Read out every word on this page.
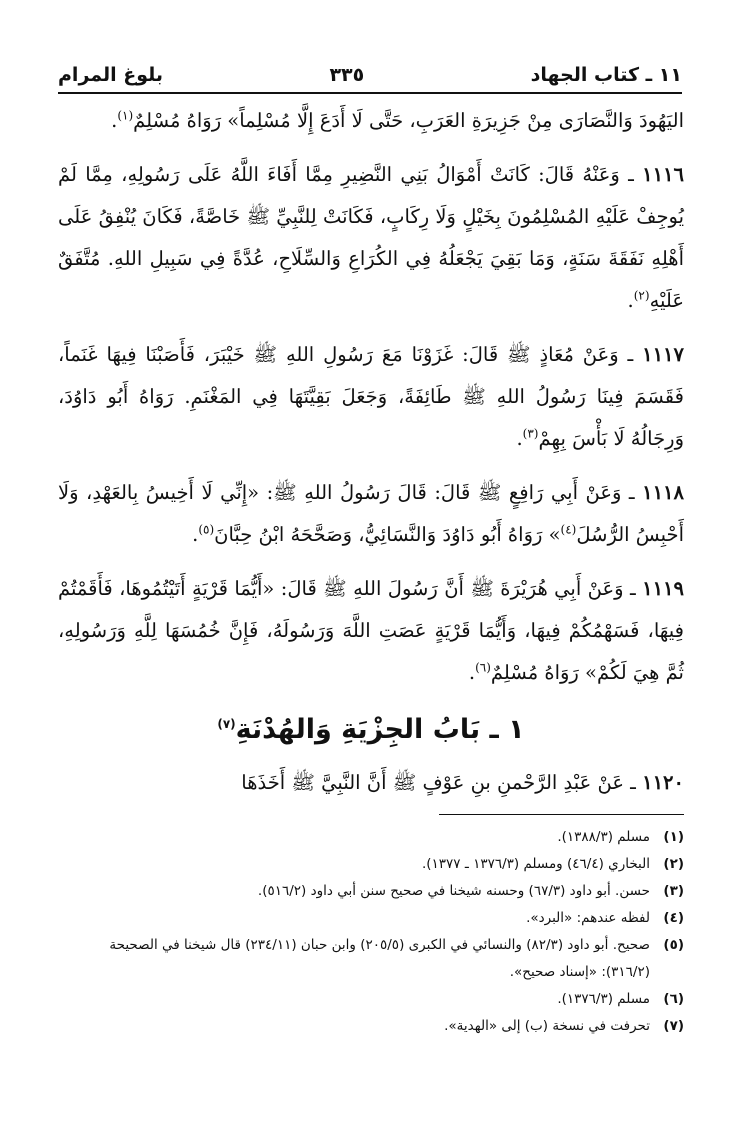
١١ ـ كتاب الجهاد
٣٣٥
بلوغ المرام

اليَهُودَ وَالنَّصَارَى مِنْ جَزِيرَةِ العَرَبِ، حَتَّى لَا أَدَعَ إِلَّا مُسْلِماً» رَوَاهُ مُسْلِمٌ$^{(١)}$.

١١١٦ ـ وَعَنْهُ قَالَ: كَانَتْ أَمْوَالُ بَنِي النَّضِيرِ مِمَّا أَفَاءَ اللَّهُ عَلَى رَسُولِهِ، مِمَّا لَمْ يُوجِفْ عَلَيْهِ المُسْلِمُونَ بِخَيْلٍ وَلَا رِكَابٍ، فَكَانَتْ لِلنَّبِيِّ ﷺ خَاصَّةً، فَكَانَ يُنْفِقُ عَلَى أَهْلِهِ نَفَقَةَ سَنَةٍ، وَمَا بَقِيَ يَجْعَلُهُ فِي الكُرَاعِ وَالسِّلَاحِ، عُدَّةً فِي سَبِيلِ اللهِ. مُتَّفَقٌ عَلَيْهِ$^{(٢)}$.

١١١٧ ـ وَعَنْ مُعَاذٍ ﷺ قَالَ: غَزَوْنَا مَعَ رَسُولِ اللهِ ﷺ خَيْبَرَ، فَأَصَبْنَا فِيهَا غَنَماً، فَقَسَمَ فِينَا رَسُولُ اللهِ ﷺ طَائِفَةً، وَجَعَلَ بَقِيَّتَهَا فِي المَغْنَمِ. رَوَاهُ أَبُو دَاوُدَ، وَرِجَالُهُ لَا بَأْسَ بِهِمْ$^{(٣)}$.

١١١٨ ـ وَعَنْ أَبِي رَافِعٍ ﷺ قَالَ: قَالَ رَسُولُ اللهِ ﷺ: «إِنِّي لَا أَخِيسُ بِالعَهْدِ، وَلَا أَحْبِسُ الرُّسُلَ$^{(٤)}$» رَوَاهُ أَبُو دَاوُدَ وَالنَّسَائِيُّ، وَصَحَّحَهُ ابْنُ حِبَّانَ$^{(٥)}$.

١١١٩ ـ وَعَنْ أَبِي هُرَيْرَةَ ﷺ أَنَّ رَسُولَ اللهِ ﷺ قَالَ: «أَيُّمَا قَرْيَةٍ أَتَيْتُمُوهَا، فَأَقَمْتُمْ فِيهَا، فَسَهْمُكُمْ فِيهَا، وَأَيُّمَا قَرْيَةٍ عَصَتِ اللَّهَ وَرَسُولَهُ، فَإِنَّ خُمُسَهَا لِلَّهِ وَرَسُولِهِ، ثُمَّ هِيَ لَكُمْ» رَوَاهُ مُسْلِمٌ$^{(٦)}$.

١ ـ بَابُ الجِزْيَةِ وَالهُدْنَةِ$^{(٧)}$

١١٢٠ ـ عَنْ عَبْدِ الرَّحْمنِ بنِ عَوْفٍ ﷺ أَنَّ النَّبِيَّ ﷺ أَخَذَهَا

(١)
مسلم (١٣٨٨/٣).
(٢)
البخاري (٤٦/٤) ومسلم (١٣٧٦/٣ ـ ١٣٧٧).
(٣)
حسن. أبو داود (٦٧/٣) وحسنه شيخنا في صحيح سنن أبي داود (٥١٦/٢).
(٤)
لفظه عندهم: «البرد».
(٥)
صحيح. أبو داود (٨٢/٣) والنسائي في الكبرى (٢٠٥/٥) وابن حبان (٢٣٤/١١) قال شيخنا في الصحيحة (٣١٦/٢): «إسناد صحيح».
(٦)
مسلم (١٣٧٦/٣).
(٧)
تحرفت في نسخة (ب) إلى «الهدية».
